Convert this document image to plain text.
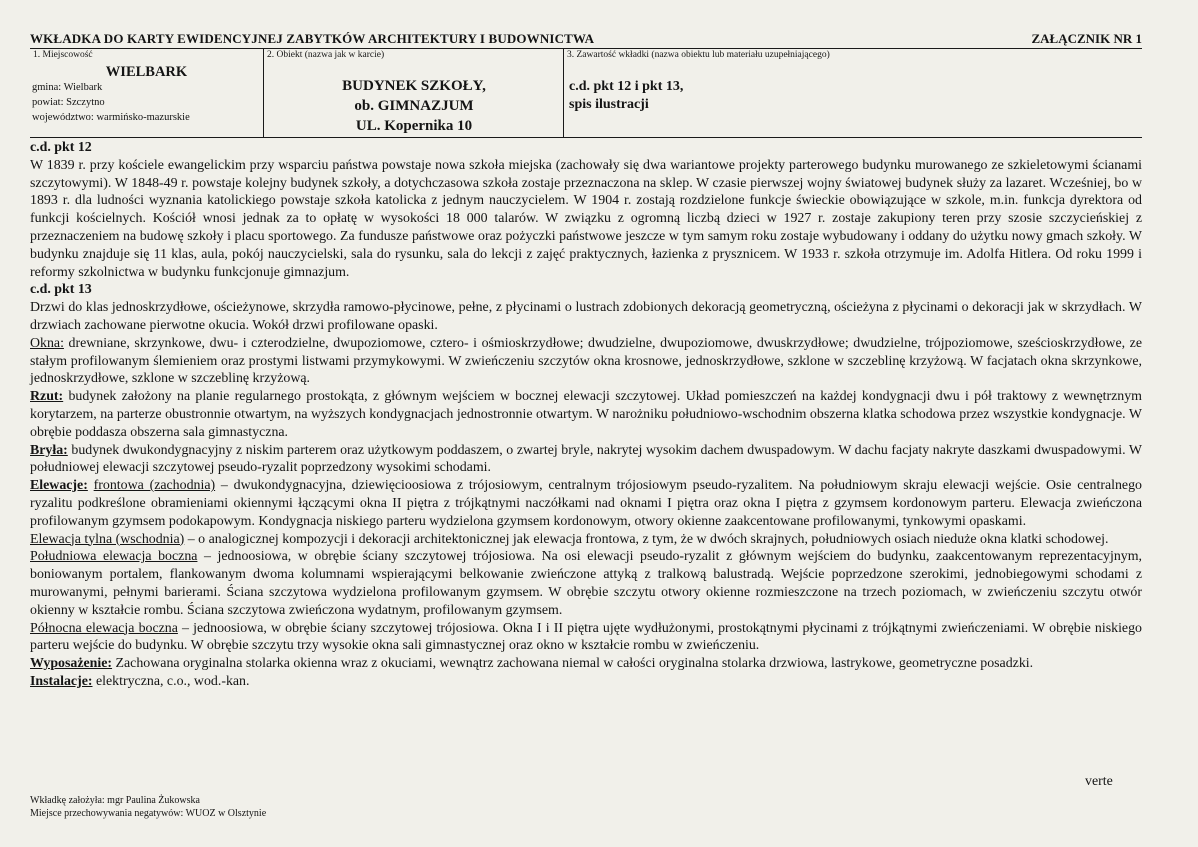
WKŁADKA DO KARTY EWIDENCYJNEJ ZABYTKÓW ARCHITEKTURY I BUDOWNICTWA	ZAŁĄCZNIK NR 1
1. Miejscowość
WIELBARK
gmina: Wielbark
powiat: Szczytno
województwo: warmińsko-mazurskie
2. Obiekt (nazwa jak w karcie)
BUDYNEK SZKOŁY,
ob. GIMNAZJUM
UL. Kopernika 10
3. Zawartość wkładki (nazwa obiektu lub materiału uzupełniającego)
c.d. pkt 12 i pkt 13,
spis ilustracji

c.d. pkt 12

W 1839 r. przy kościele ewangelickim przy wsparciu państwa powstaje nowa szkoła miejska (zachowały się dwa wariantowe projekty parterowego budynku murowanego ze szkieletowymi ścianami szczytowymi). W 1848-49 r. powstaje kolejny budynek szkoły, a dotychczasowa szkoła zostaje przeznaczona na sklep. W czasie pierwszej wojny światowej budynek służy za lazaret. Wcześniej, bo w 1893 r. dla ludności wyznania katolickiego powstaje szkoła katolicka z jednym nauczycielem. W 1904 r. zostają rozdzielone funkcje świeckie obowiązujące w szkole, m.in. funkcja dyrektora od funkcji kościelnych. Kościół wnosi jednak za to opłatę w wysokości 18 000 talarów. W związku z ogromną liczbą dzieci w 1927 r. zostaje zakupiony teren przy szosie szczycieńskiej z przeznaczeniem na budowę szkoły i placu sportowego. Za fundusze państwowe oraz pożyczki państwowe jeszcze w tym samym roku zostaje wybudowany i oddany do użytku nowy gmach szkoły. W budynku znajduje się 11 klas, aula, pokój nauczycielski, sala do rysunku, sala do lekcji z zajęć praktycznych, łazienka z prysznicem. W 1933 r. szkoła otrzymuje im. Adolfa Hitlera. Od roku 1999 i reformy szkolnictwa w budynku funkcjonuje gimnazjum.

c.d. pkt 13

Drzwi do klas jednoskrzydłowe, ościeżynowe, skrzydła ramowo-płycinowe, pełne, z płycinami o lustrach zdobionych dekoracją geometryczną, ościeżyna z płycinami o dekoracji jak w skrzydłach. W drzwiach zachowane pierwotne okucia. Wokół drzwi profilowane opaski.

Okna: drewniane, skrzynkowe, dwu- i czterodzielne, dwupoziomowe, cztero- i ośmioskrzydłowe; dwudzielne, dwupoziomowe, dwuskrzydłowe; dwudzielne, trójpoziomowe, sześcioskrzydłowe, ze stałym profilowanym ślemieniem oraz prostymi listwami przymykowymi. W zwieńczeniu szczytów okna krosnowe, jednoskrzydłowe, szklone w szczeblinę krzyżową. W facjatach okna skrzynkowe, jednoskrzydłowe, szklone w szczeblinę krzyżową.

Rzut: budynek założony na planie regularnego prostokąta, z głównym wejściem w bocznej elewacji szczytowej. Układ pomieszczeń na każdej kondygnacji dwu i pół traktowy z wewnętrznym korytarzem, na parterze obustronnie otwartym, na wyższych kondygnacjach jednostronnie otwartym. W narożniku południowo-wschodnim obszerna klatka schodowa przez wszystkie kondygnacje. W obrębie poddasza obszerna sala gimnastyczna.

Bryła: budynek dwukondygnacyjny z niskim parterem oraz użytkowym poddaszem, o zwartej bryle, nakrytej wysokim dachem dwuspadowym. W dachu facjaty nakryte daszkami dwuspadowymi. W południowej elewacji szczytowej pseudo-ryzalit poprzedzony wysokimi schodami.

Elewacje: frontowa (zachodnia) – dwukondygnacyjna, dziewięcioosiowa z trójosiowym, centralnym trójosiowym pseudo-ryzalitem. Na południowym skraju elewacji wejście. Osie centralnego ryzalitu podkreślone obramieniami okiennymi łączącymi okna II piętra z trójkątnymi naczółkami nad oknami I piętra oraz okna I piętra z gzymsem kordonowym parteru. Elewacja zwieńczona profilowanym gzymsem podokapowym. Kondygnacja niskiego parteru wydzielona gzymsem kordonowym, otwory okienne zaakcentowane profilowanymi, tynkowymi opaskami.

Elewacja tylna (wschodnia) – o analogicznej kompozycji i dekoracji architektonicznej jak elewacja frontowa, z tym, że w dwóch skrajnych, południowych osiach nieduże okna klatki schodowej.

Południowa elewacja boczna – jednoosiowa, w obrębie ściany szczytowej trójosiowa. Na osi elewacji pseudo-ryzalit z głównym wejściem do budynku, zaakcentowanym reprezentacyjnym, boniowanym portalem, flankowanym dwoma kolumnami wspierającymi belkowanie zwieńczone attyką z tralkową balustradą. Wejście poprzedzone szerokimi, jednobiegowymi schodami z murowanymi, pełnymi barierami. Ściana szczytowa wydzielona profilowanym gzymsem. W obrębie szczytu otwory okienne rozmieszczone na trzech poziomach, w zwieńczeniu szczytu otwór okienny w kształcie rombu. Ściana szczytowa zwieńczona wydatnym, profilowanym gzymsem.

Północna elewacja boczna – jednoosiowa, w obrębie ściany szczytowej trójosiowa. Okna I i II piętra ujęte wydłużonymi, prostokątnymi płycinami z trójkątnymi zwieńczeniami. W obrębie niskiego parteru wejście do budynku. W obrębie szczytu trzy wysokie okna sali gimnastycznej oraz okno w kształcie rombu w zwieńczeniu.

Wyposażenie: Zachowana oryginalna stolarka okienna wraz z okuciami, wewnątrz zachowana niemal w całości oryginalna stolarka drzwiowa, lastrykowe, geometryczne posadzki.

Instalacje: elektryczna, c.o., wod.-kan.

verte
Wkładkę założyła: mgr Paulina Żukowska
Miejsce przechowywania negatywów: WUOZ w Olsztynie
